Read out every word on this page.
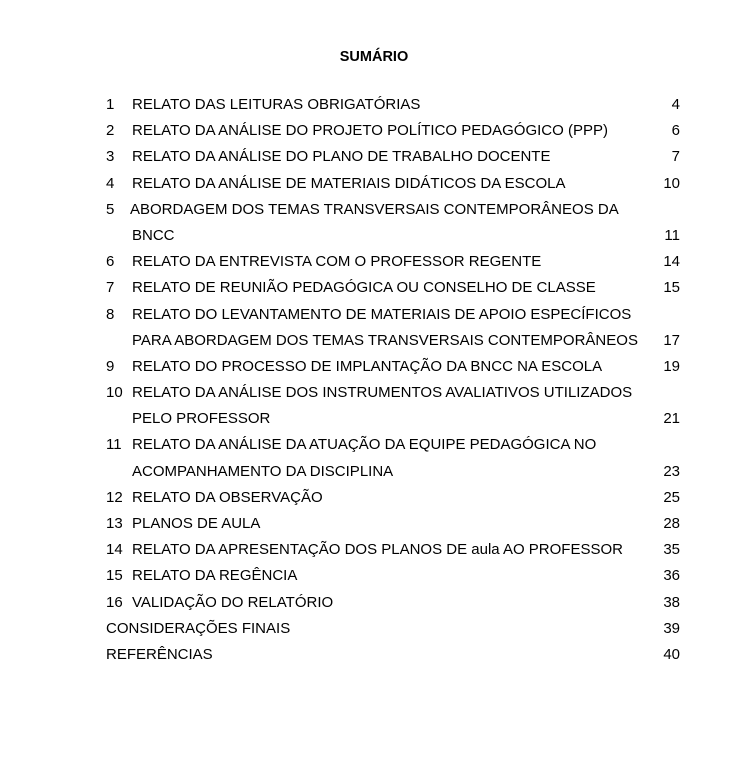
SUMÁRIO
1 RELATO DAS LEITURAS OBRIGATÓRIAS	4
2 RELATO DA ANÁLISE DO PROJETO POLÍTICO PEDAGÓGICO (PPP)	6
3 RELATO DA ANÁLISE DO PLANO DE TRABALHO DOCENTE	7
4 RELATO DA ANÁLISE DE MATERIAIS DIDÁTICOS DA ESCOLA	10
5 ABORDAGEM DOS TEMAS TRANSVERSAIS CONTEMPORÂNEOS DA
BNCC	11
6 RELATO DA ENTREVISTA COM O PROFESSOR REGENTE	14
7 RELATO DE REUNIÃO PEDAGÓGICA OU CONSELHO DE CLASSE	15
8 RELATO DO LEVANTAMENTO DE MATERIAIS DE APOIO ESPECÍFICOS
PARA ABORDAGEM DOS TEMAS TRANSVERSAIS CONTEMPORÂNEOS 17
9 RELATO DO PROCESSO DE IMPLANTAÇÃO DA BNCC NA ESCOLA	19
10 RELATO DA ANÁLISE DOS INSTRUMENTOS AVALIATIVOS UTILIZADOS
PELO PROFESSOR	21
11 RELATO DA ANÁLISE DA ATUAÇÃO DA EQUIPE PEDAGÓGICA NO
ACOMPANHAMENTO DA DISCIPLINA	23
12 RELATO DA OBSERVAÇÃO	25
13 PLANOS DE AULA	28
14 RELATO DA APRESENTAÇÃO DOS PLANOS DE aula AO PROFESSOR	35
15 RELATO DA REGÊNCIA	36
16 VALIDAÇÃO DO RELATÓRIO	38
CONSIDERAÇÕES FINAIS	39
REFERÊNCIAS	40
